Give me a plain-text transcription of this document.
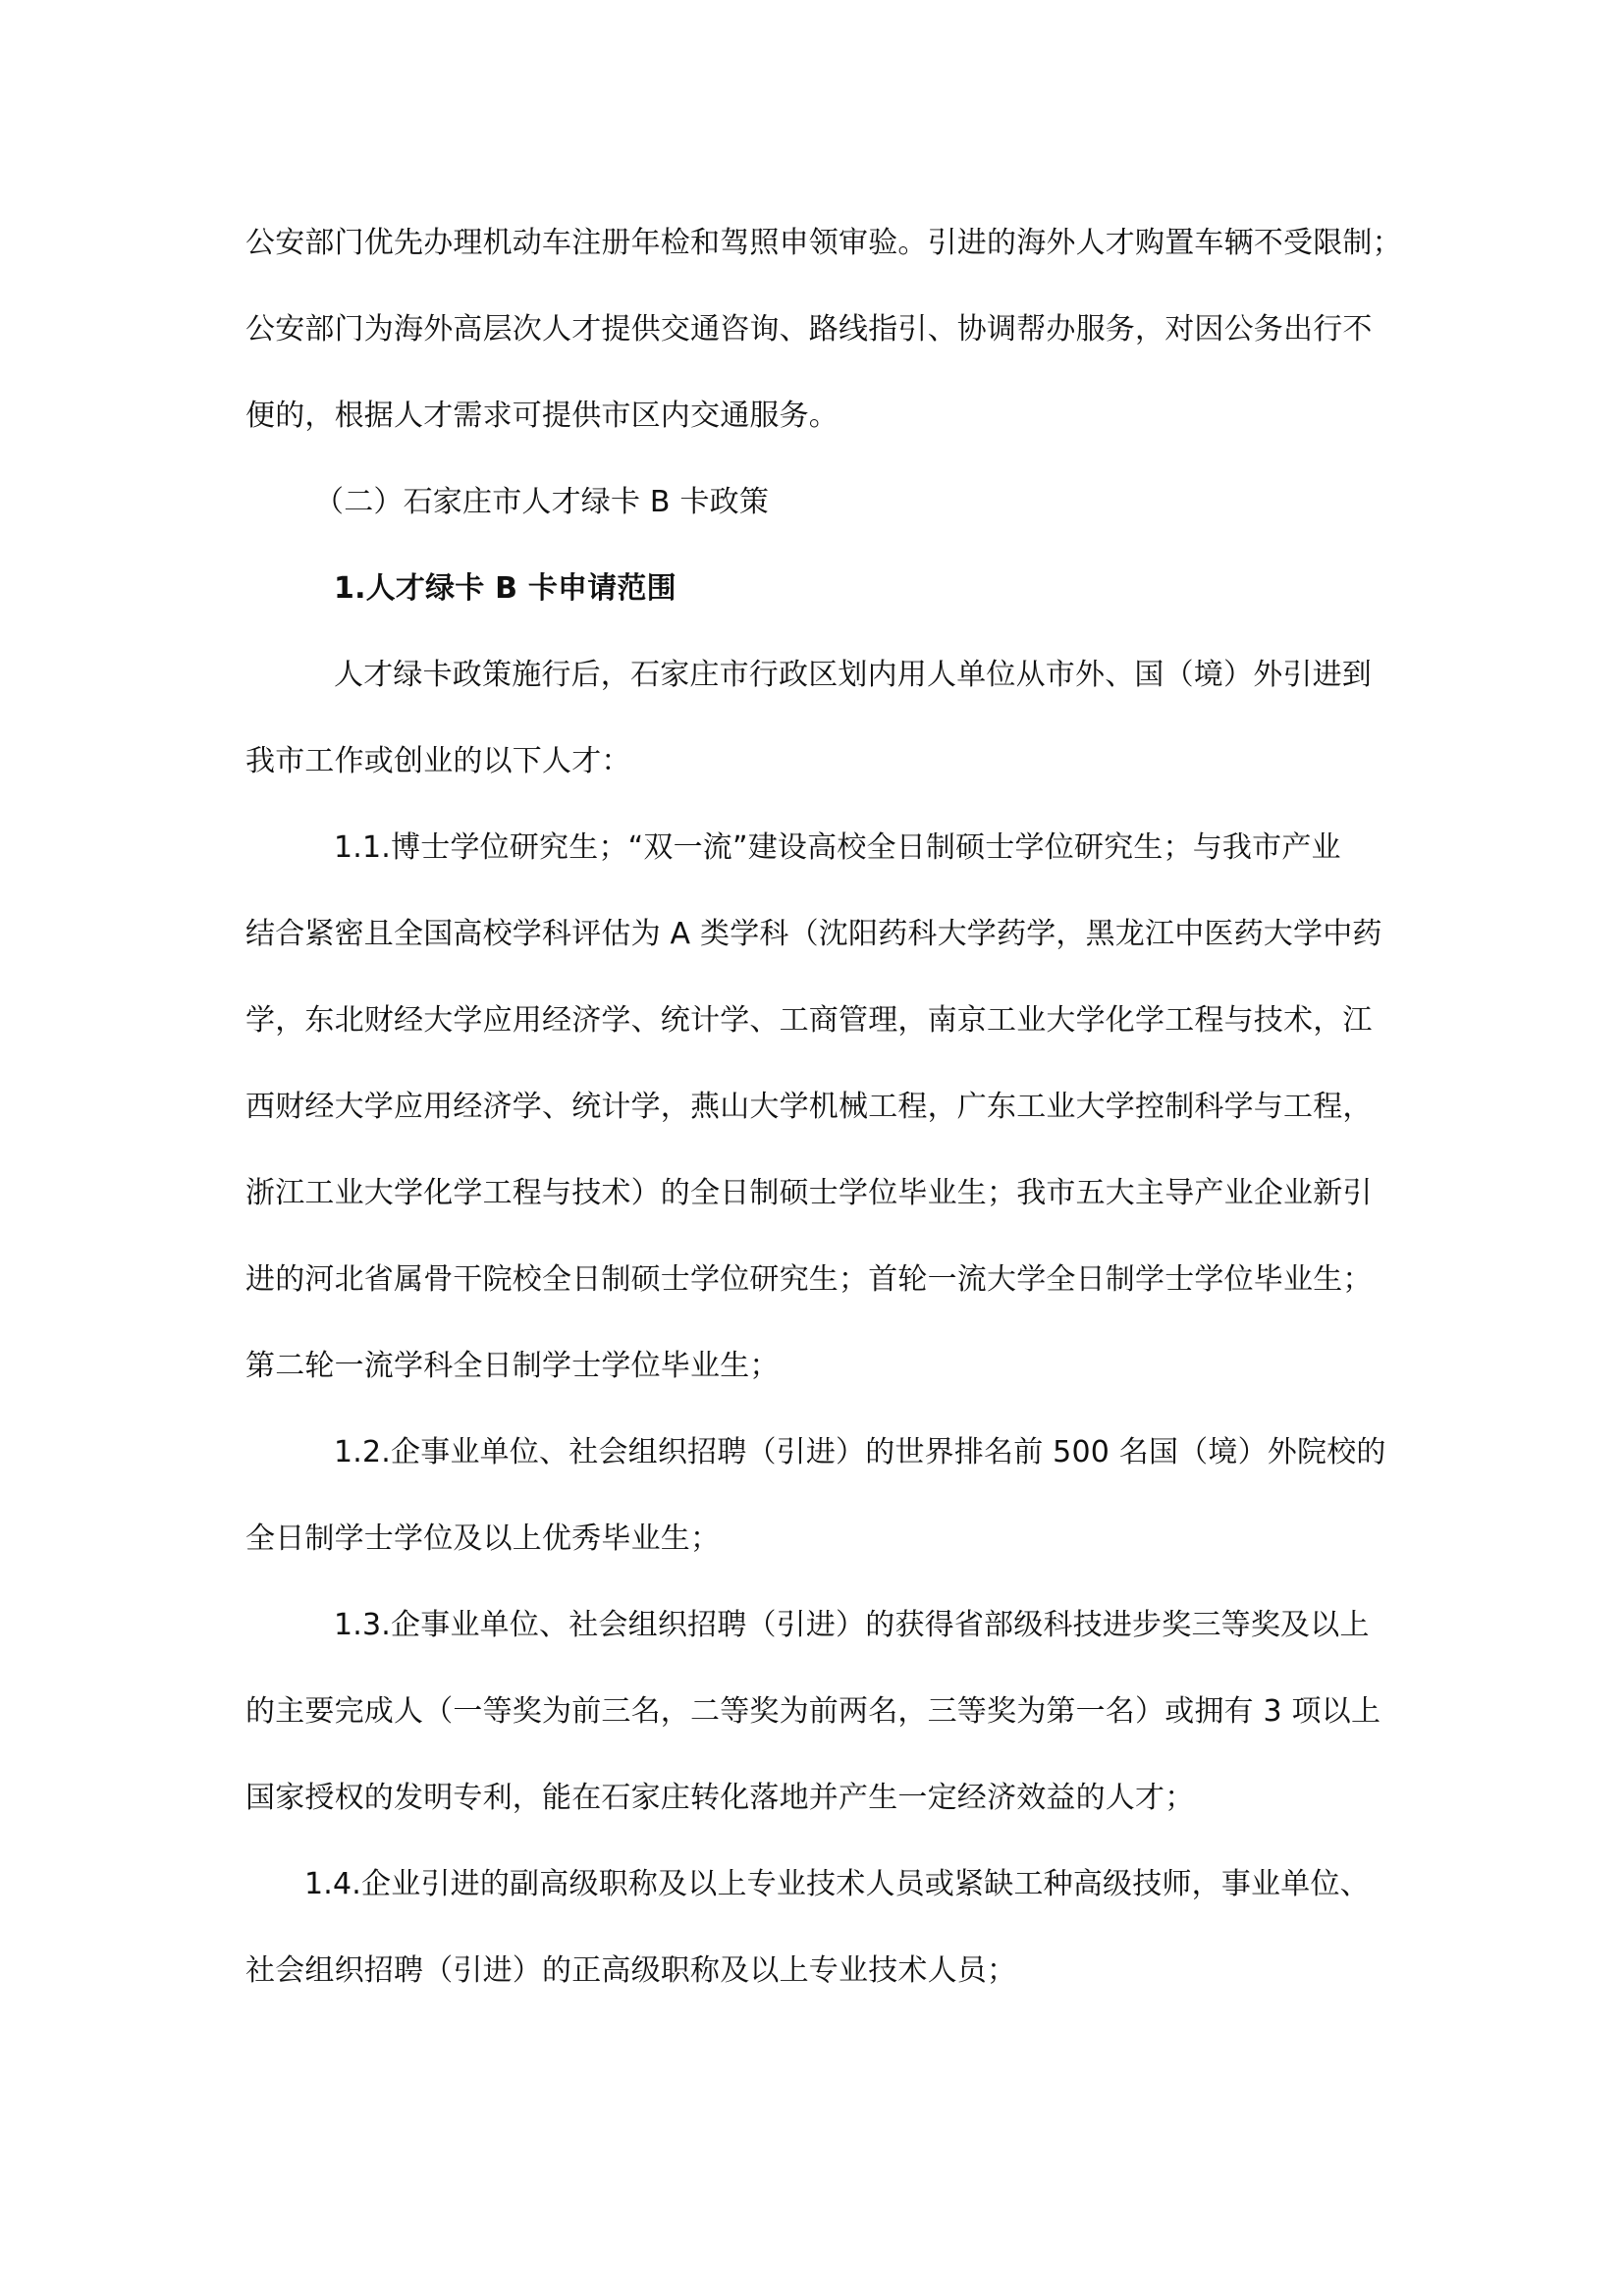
公安部门优先办理机动车注册年检和驾照申领审验。引进的海外人才购置车辆不受限制；

公安部门为海外高层次人才提供交通咨询、路线指引、协调帮办服务，对因公务出行不

便的，根据人才需求可提供市区内交通服务。

（二）石家庄市人才绿卡 B 卡政策

1.人才绿卡 B 卡申请范围

人才绿卡政策施行后，石家庄市行政区划内用人单位从市外、国（境）外引进到

我市工作或创业的以下人才：

1.1.博士学位研究生；“双一流”建设高校全日制硕士学位研究生；与我市产业

结合紧密且全国高校学科评估为 A 类学科（沈阳药科大学药学，黑龙江中医药大学中药

学，东北财经大学应用经济学、统计学、工商管理，南京工业大学化学工程与技术，江

西财经大学应用经济学、统计学，燕山大学机械工程，广东工业大学控制科学与工程，

浙江工业大学化学工程与技术）的全日制硕士学位毕业生；我市五大主导产业企业新引

进的河北省属骨干院校全日制硕士学位研究生；首轮一流大学全日制学士学位毕业生；

第二轮一流学科全日制学士学位毕业生；

1.2.企事业单位、社会组织招聘（引进）的世界排名前 500 名国（境）外院校的

全日制学士学位及以上优秀毕业生；

1.3.企事业单位、社会组织招聘（引进）的获得省部级科技进步奖三等奖及以上

的主要完成人（一等奖为前三名，二等奖为前两名，三等奖为第一名）或拥有 3 项以上

国家授权的发明专利，能在石家庄转化落地并产生一定经济效益的人才；

1.4.企业引进的副高级职称及以上专业技术人员或紧缺工种高级技师，事业单位、

社会组织招聘（引进）的正高级职称及以上专业技术人员；
